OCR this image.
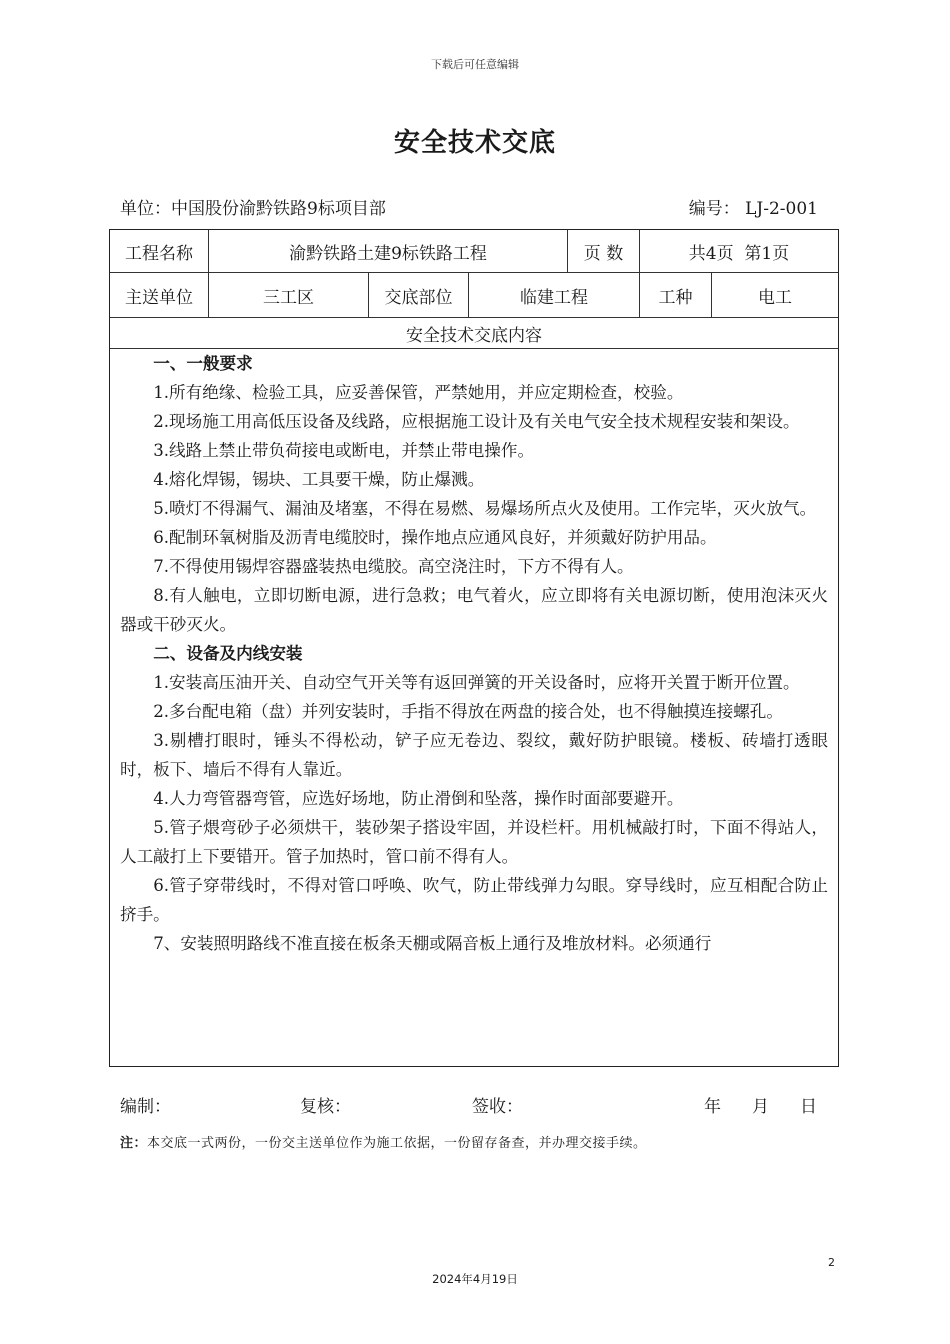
下载后可任意编辑
安全技术交底
单位：中国股份渝黔铁路9标项目部	编号： LJ-2-001
工程名称	渝黔铁路土建9标铁路工程	页 数	共4页  第1页
主送单位	三工区	交底部位	临建工程	工种	电工
安全技术交底内容

一、一般要求

1.所有绝缘、检验工具，应妥善保管，严禁她用，并应定期检查，校验。

2.现场施工用高低压设备及线路，应根据施工设计及有关电气安全技术规程安装和架设。

3.线路上禁止带负荷接电或断电，并禁止带电操作。

4.熔化焊锡，锡块、工具要干燥，防止爆溅。

5.喷灯不得漏气、漏油及堵塞，不得在易燃、易爆场所点火及使用。工作完毕，灭火放气。

6.配制环氧树脂及沥青电缆胶时，操作地点应通风良好，并须戴好防护用品。

7.不得使用锡焊容器盛装热电缆胶。高空浇注时，下方不得有人。

8.有人触电，立即切断电源，进行急救；电气着火，应立即将有关电源切断，使用泡沫灭火器或干砂灭火。

二、设备及内线安装

1.安装高压油开关、自动空气开关等有返回弹簧的开关设备时，应将开关置于断开位置。

2.多台配电箱（盘）并列安装时，手指不得放在两盘的接合处，也不得触摸连接螺孔。

3.剔槽打眼时，锤头不得松动，铲子应无卷边、裂纹，戴好防护眼镜。楼板、砖墙打透眼时，板下、墙后不得有人靠近。

4.人力弯管器弯管，应选好场地，防止滑倒和坠落，操作时面部要避开。

5.管子煨弯砂子必须烘干，装砂架子搭设牢固，并设栏杆。用机械敲打时，下面不得站人，人工敲打上下要错开。管子加热时，管口前不得有人。

6.管子穿带线时，不得对管口呼唤、吹气，防止带线弹力勾眼。穿导线时，应互相配合防止挤手。

7、安装照明路线不准直接在板条天棚或隔音板上通行及堆放材料。必须通行

编制：	复核：	签收：	年 月 日
注：本交底一式两份，一份交主送单位作为施工依据，一份留存备查，并办理交接手续。
2
2024年4月19日
